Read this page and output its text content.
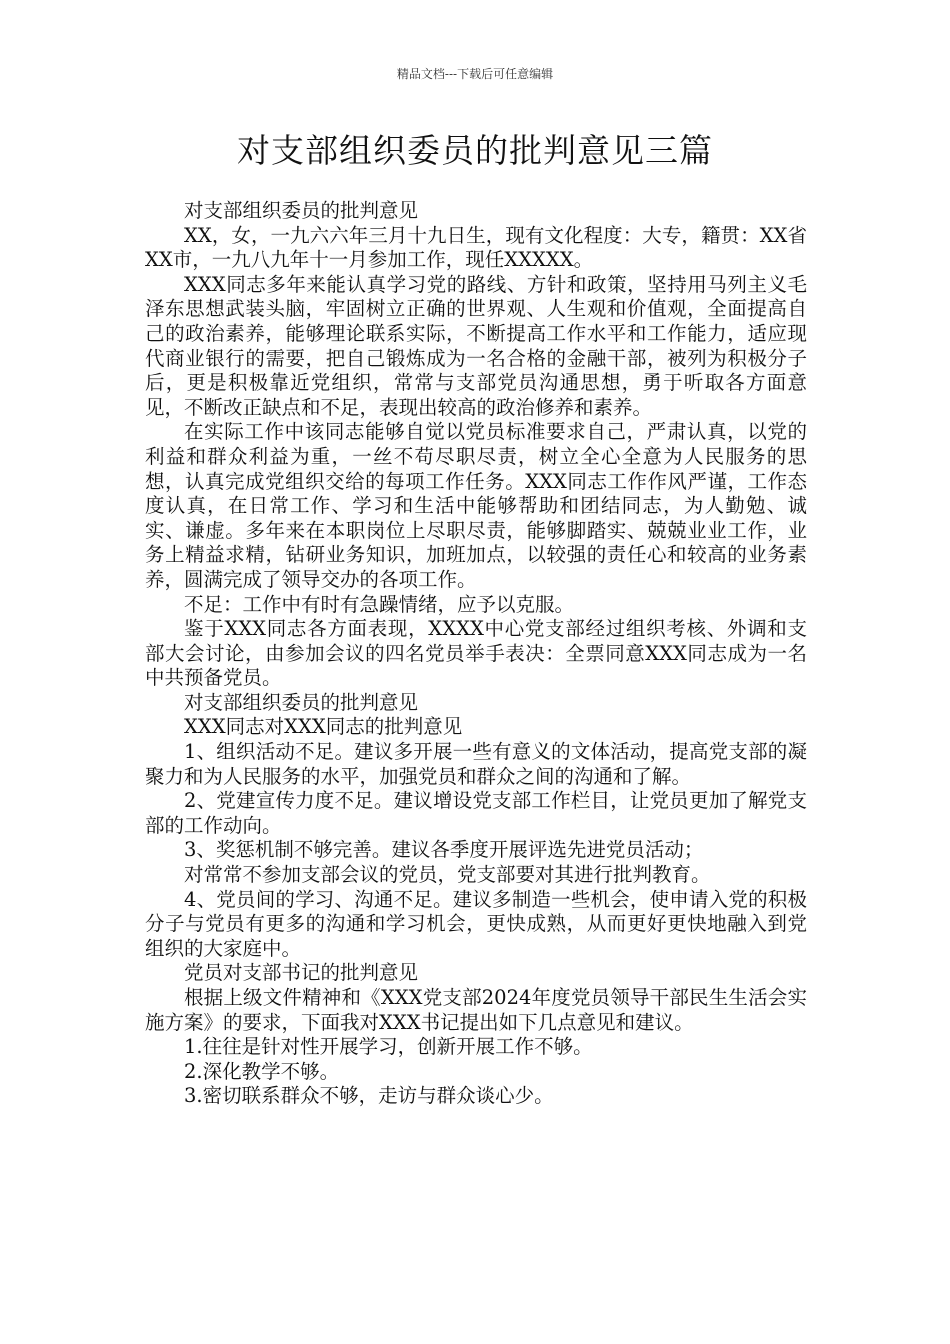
精品文档---下载后可任意编辑
对支部组织委员的批判意见三篇

对支部组织委员的批判意见

XX，女，一九六六年三月十九日生，现有文化程度：大专，籍贯：XX省XX市，一九八九年十一月参加工作，现任XXXXX。

XXX同志多年来能认真学习党的路线、方针和政策，坚持用马列主义毛泽东思想武装头脑，牢固树立正确的世界观、人生观和价值观，全面提高自己的政治素养，能够理论联系实际，不断提高工作水平和工作能力，适应现代商业银行的需要，把自己锻炼成为一名合格的金融干部，被列为积极分子后，更是积极靠近党组织，常常与支部党员沟通思想，勇于听取各方面意见，不断改正缺点和不足，表现出较高的政治修养和素养。

在实际工作中该同志能够自觉以党员标准要求自己，严肃认真，以党的利益和群众利益为重，一丝不苟尽职尽责，树立全心全意为人民服务的思想，认真完成党组织交给的每项工作任务。XXX同志工作作风严谨，工作态度认真，在日常工作、学习和生活中能够帮助和团结同志，为人勤勉、诚实、谦虚。多年来在本职岗位上尽职尽责，能够脚踏实、兢兢业业工作，业务上精益求精，钻研业务知识，加班加点，以较强的责任心和较高的业务素养，圆满完成了领导交办的各项工作。

不足：工作中有时有急躁情绪，应予以克服。

鉴于XXX同志各方面表现，XXXX中心党支部经过组织考核、外调和支部大会讨论，由参加会议的四名党员举手表决：全票同意XXX同志成为一名中共预备党员。

对支部组织委员的批判意见

XXX同志对XXX同志的批判意见

1、组织活动不足。建议多开展一些有意义的文体活动，提高党支部的凝聚力和为人民服务的水平，加强党员和群众之间的沟通和了解。

2、党建宣传力度不足。建议增设党支部工作栏目，让党员更加了解党支部的工作动向。

3、奖惩机制不够完善。建议各季度开展评选先进党员活动；

对常常不参加支部会议的党员，党支部要对其进行批判教育。

4、党员间的学习、沟通不足。建议多制造一些机会，使申请入党的积极分子与党员有更多的沟通和学习机会，更快成熟，从而更好更快地融入到党组织的大家庭中。

党员对支部书记的批判意见

根据上级文件精神和《XXX党支部2024年度党员领导干部民生生活会实施方案》的要求，下面我对XXX书记提出如下几点意见和建议。

1.往往是针对性开展学习，创新开展工作不够。

2.深化教学不够。

3.密切联系群众不够，走访与群众谈心少。
